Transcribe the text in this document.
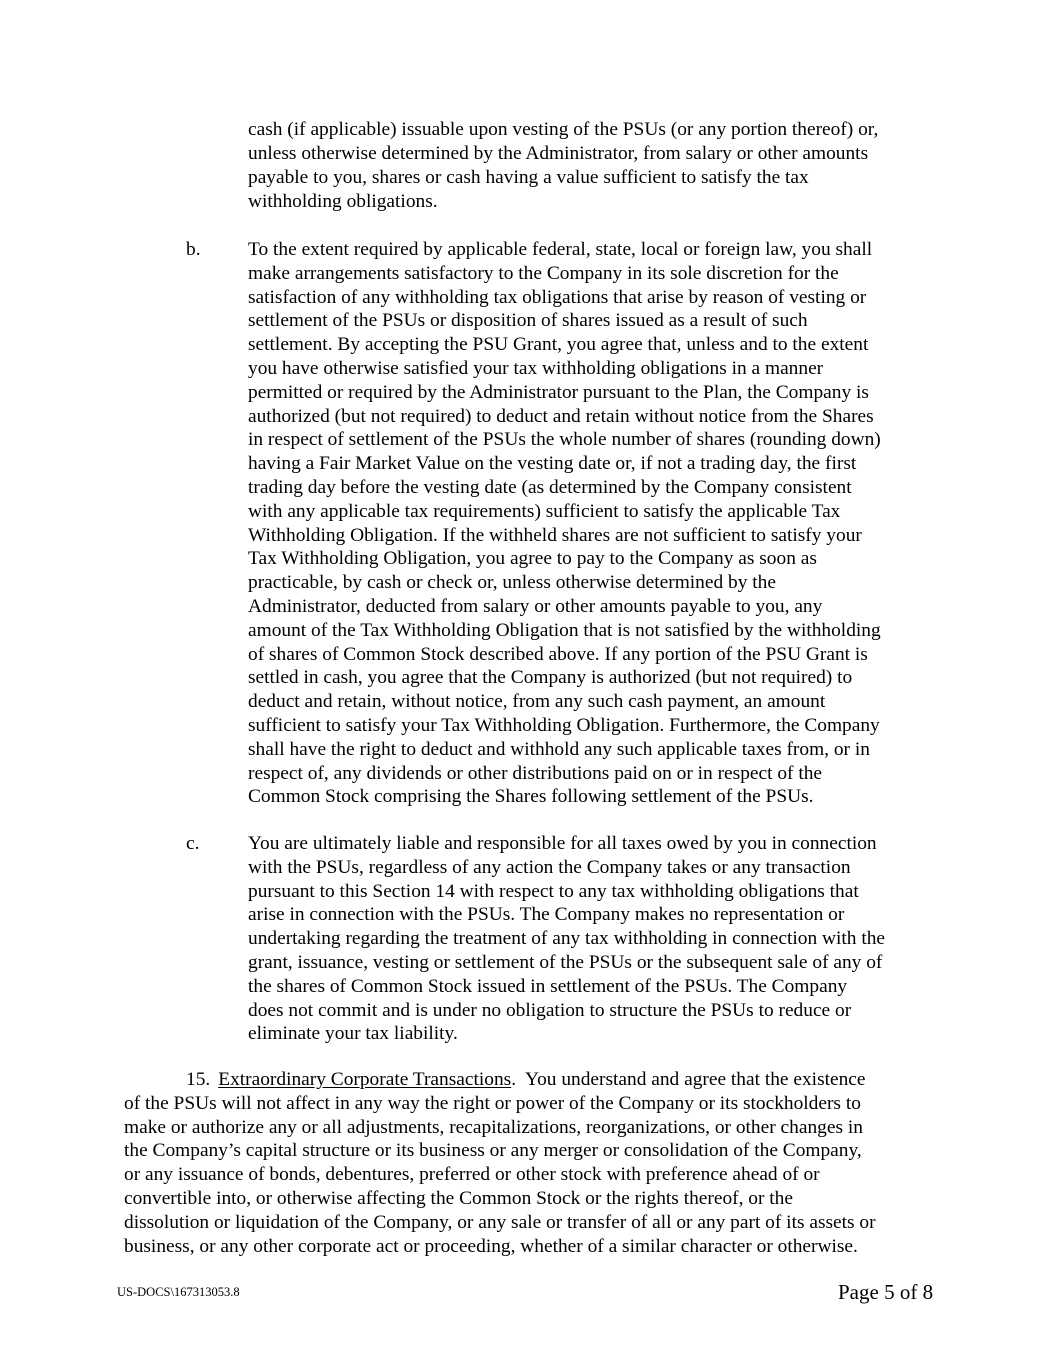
cash (if applicable) issuable upon vesting of the PSUs (or any portion thereof) or,
unless otherwise determined by the Administrator, from salary or other amounts
payable to you, shares or cash having a value sufficient to satisfy the tax
withholding obligations.
b.	To the extent required by applicable federal, state, local or foreign law, you shall
make arrangements satisfactory to the Company in its sole discretion for the
satisfaction of any withholding tax obligations that arise by reason of vesting or
settlement of the PSUs or disposition of shares issued as a result of such
settlement. By accepting the PSU Grant, you agree that, unless and to the extent
you have otherwise satisfied your tax withholding obligations in a manner
permitted or required by the Administrator pursuant to the Plan, the Company is
authorized (but not required) to deduct and retain without notice from the Shares
in respect of settlement of the PSUs the whole number of shares (rounding down)
having a Fair Market Value on the vesting date or, if not a trading day, the first
trading day before the vesting date (as determined by the Company consistent
with any applicable tax requirements) sufficient to satisfy the applicable Tax
Withholding Obligation. If the withheld shares are not sufficient to satisfy your
Tax Withholding Obligation, you agree to pay to the Company as soon as
practicable, by cash or check or, unless otherwise determined by the
Administrator, deducted from salary or other amounts payable to you, any
amount of the Tax Withholding Obligation that is not satisfied by the withholding
of shares of Common Stock described above. If any portion of the PSU Grant is
settled in cash, you agree that the Company is authorized (but not required) to
deduct and retain, without notice, from any such cash payment, an amount
sufficient to satisfy your Tax Withholding Obligation. Furthermore, the Company
shall have the right to deduct and withhold any such applicable taxes from, or in
respect of, any dividends or other distributions paid on or in respect of the
Common Stock comprising the Shares following settlement of the PSUs.
c.	You are ultimately liable and responsible for all taxes owed by you in connection
with the PSUs, regardless of any action the Company takes or any transaction
pursuant to this Section 14 with respect to any tax withholding obligations that
arise in connection with the PSUs. The Company makes no representation or
undertaking regarding the treatment of any tax withholding in connection with the
grant, issuance, vesting or settlement of the PSUs or the subsequent sale of any of
the shares of Common Stock issued in settlement of the PSUs. The Company
does not commit and is under no obligation to structure the PSUs to reduce or
eliminate your tax liability.
15. Extraordinary Corporate Transactions.  You understand and agree that the existence
of the PSUs will not affect in any way the right or power of the Company or its stockholders to
make or authorize any or all adjustments, recapitalizations, reorganizations, or other changes in
the Company’s capital structure or its business or any merger or consolidation of the Company,
or any issuance of bonds, debentures, preferred or other stock with preference ahead of or
convertible into, or otherwise affecting the Common Stock or the rights thereof, or the
dissolution or liquidation of the Company, or any sale or transfer of all or any part of its assets or
business, or any other corporate act or proceeding, whether of a similar character or otherwise.
US-DOCS\167313053.8	Page 5 of 8
